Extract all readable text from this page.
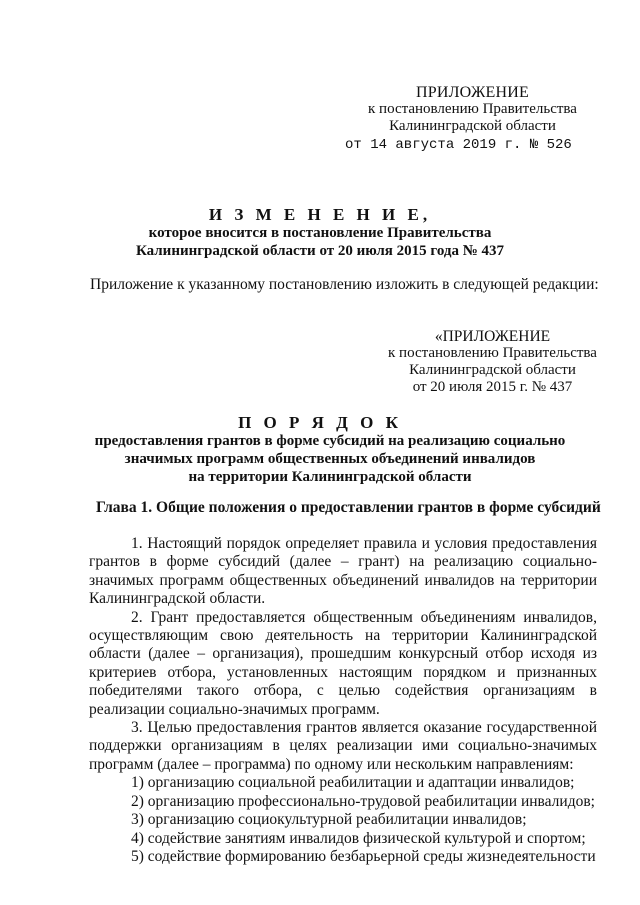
ПРИЛОЖЕНИЕ
к постановлению Правительства
Калининградской области
от 14 августа 2019 г. № 526
И З М Е Н Е Н И Е,
которое вносится в постановление Правительства
Калининградской области от 20 июля 2015 года № 437
Приложение к указанному постановлению изложить в следующей редакции:
«ПРИЛОЖЕНИЕ
к постановлению Правительства
Калининградской области
от 20 июля 2015 г. № 437
П О Р Я Д О К
предоставления грантов в форме субсидий на реализацию социально
значимых программ общественных объединений инвалидов
на территории Калининградской области
Глава 1. Общие положения о предоставлении грантов в форме субсидий

1. Настоящий порядок определяет правила и условия предоставления грантов в форме субсидий (далее – грант) на реализацию социально-значимых программ общественных объединений инвалидов на территории Калининградской области.

2. Грант предоставляется общественным объединениям инвалидов, осуществляющим свою деятельность на территории Калининградской области (далее – организация), прошедшим конкурсный отбор исходя из критериев отбора, установленных настоящим порядком и признанных победителями такого отбора, с целью содействия организациям в реализации социально-значимых программ.

3. Целью предоставления грантов является оказание государственной поддержки организациям в целях реализации ими социально-значимых программ (далее – программа) по одному или нескольким направлениям:

1) организацию социальной реабилитации и адаптации инвалидов;

2) организацию профессионально-трудовой реабилитации инвалидов;

3) организацию социокультурной реабилитации инвалидов;

4) содействие занятиям инвалидов физической культурой и спортом;

5) содействие формированию безбарьерной среды жизнедеятельности
